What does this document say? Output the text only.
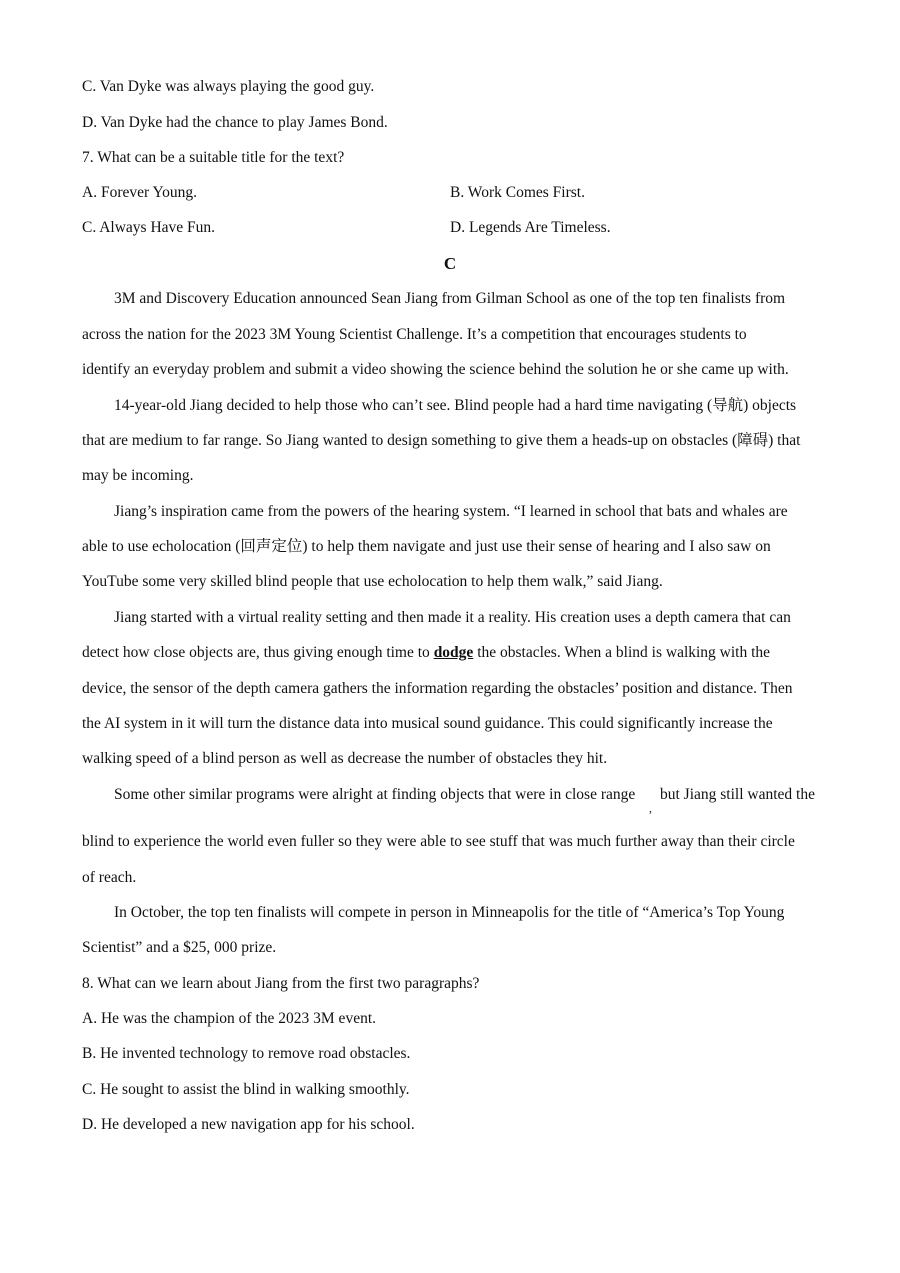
C. Van Dyke was always playing the good guy.
D. Van Dyke had the chance to play James Bond.
7. What can be a suitable title for the text?
A. Forever Young.	B. Work Comes First.
C. Always Have Fun.	D. Legends Are Timeless.
C
3M and Discovery Education announced Sean Jiang from Gilman School as one of the top ten finalists from
across the nation for the 2023 3M Young Scientist Challenge. It’s a competition that encourages students to
identify an everyday problem and submit a video showing the science behind the solution he or she came up with.
14-year-old Jiang decided to help those who can’t see. Blind people had a hard time navigating (导航) objects
that are medium to far range. So Jiang wanted to design something to give them a heads-up on obstacles (障碍) that
may be incoming.
Jiang’s inspiration came from the powers of the hearing system. “I learned in school that bats and whales are
able to use echolocation (回声定位) to help them navigate and just use their sense of hearing and I also saw on
YouTube some very skilled blind people that use echolocation to help them walk,” said Jiang.
Jiang started with a virtual reality setting and then made it a reality. His creation uses a depth camera that can
detect how close objects are, thus giving enough time to dodge the obstacles. When a blind is walking with the
device, the sensor of the depth camera gathers the information regarding the obstacles’ position and distance. Then
the AI system in it will turn the distance data into musical sound guidance. This could significantly increase the
walking speed of a blind person as well as decrease the number of obstacles they hit.
Some other similar programs were alright at finding objects that were in close range
,
but Jiang still wanted the
blind to experience the world even fuller so they were able to see stuff that was much further away than their circle
of reach.
In October, the top ten finalists will compete in person in Minneapolis for the title of “America’s Top Young
Scientist” and a $25, 000 prize.
8. What can we learn about Jiang from the first two paragraphs?
A. He was the champion of the 2023 3M event.
B. He invented technology to remove road obstacles.
C. He sought to assist the blind in walking smoothly.
D. He developed a new navigation app for his school.
